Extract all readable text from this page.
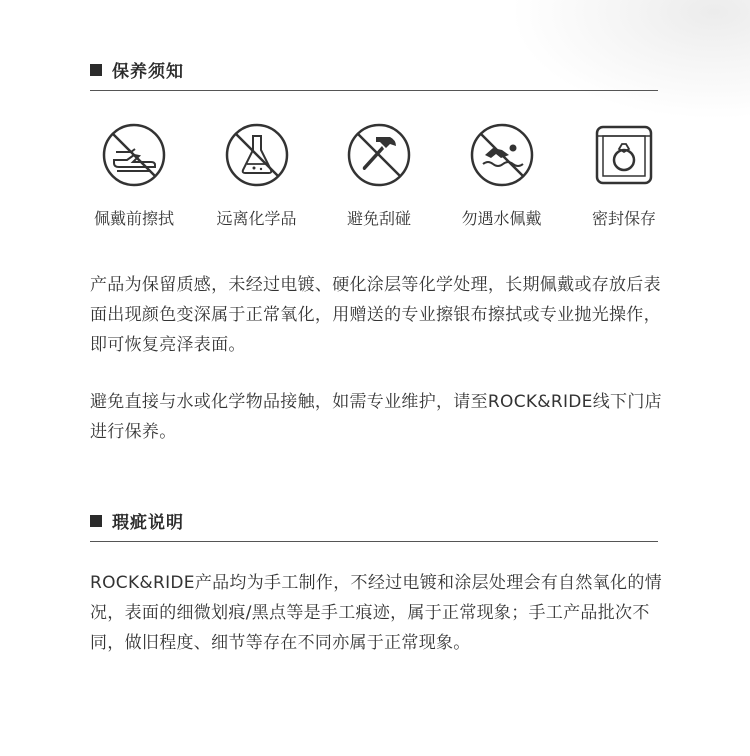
保养须知
佩戴前擦拭	远离化学品	避免刮碰	勿遇水佩戴	密封保存

产品为保留质感，未经过电镀、硬化涂层等化学处理，长期佩戴或存放后表面出现颜色变深属于正常氧化，用赠送的专业擦银布擦拭或专业抛光操作，即可恢复亮泽表面。

避免直接与水或化学物品接触，如需专业维护，请至ROCK&RIDE线下门店进行保养。

瑕疵说明

ROCK&RIDE产品均为手工制作，不经过电镀和涂层处理会有自然氧化的情况，表面的细微划痕/黑点等是手工痕迹，属于正常现象；手工产品批次不同，做旧程度、细节等存在不同亦属于正常现象。
